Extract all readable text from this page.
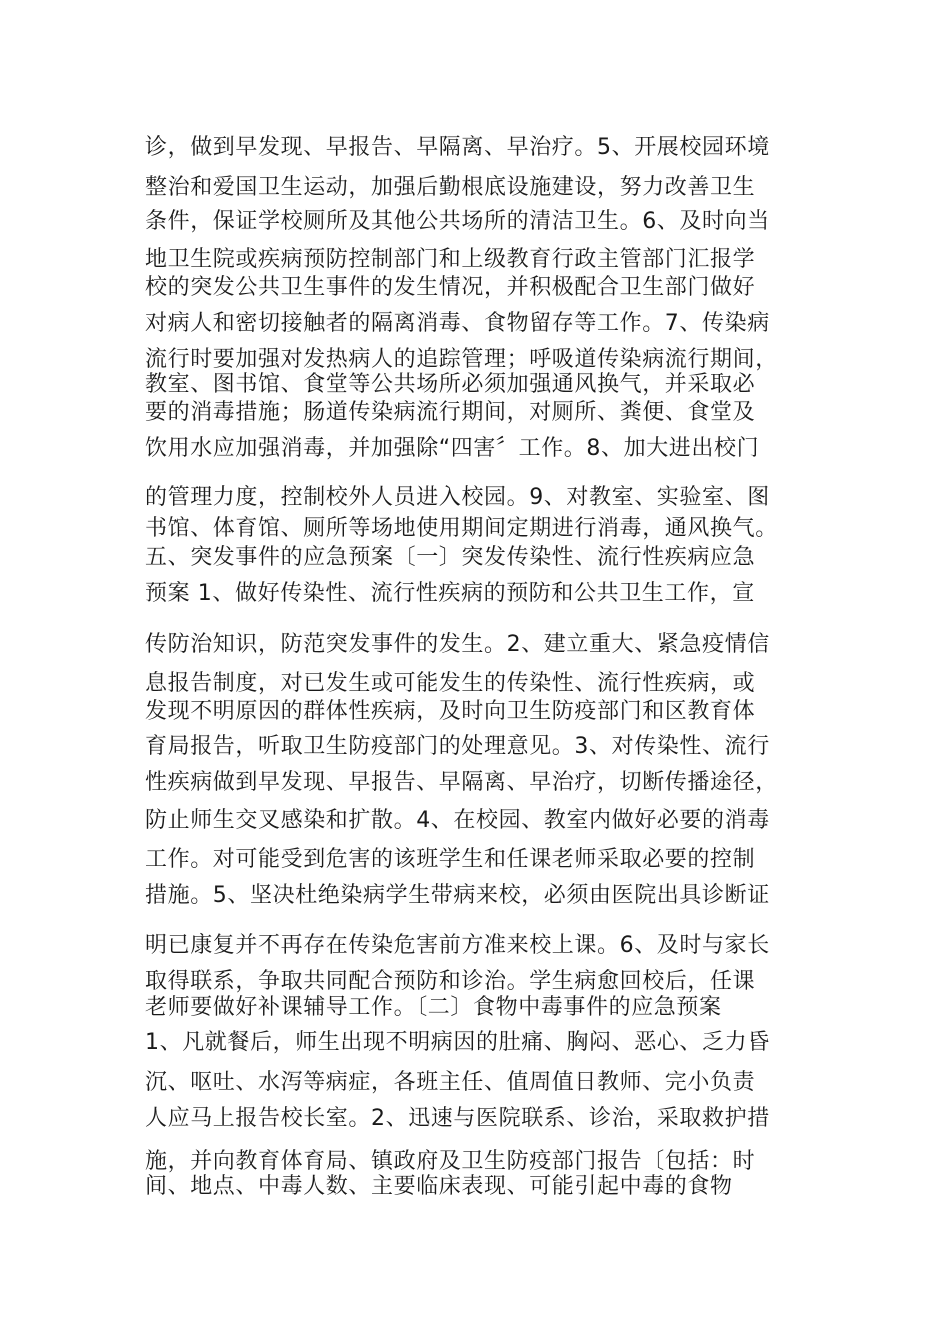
诊，做到早发现、早报告、早隔离、早治疗。5、开展校园环境
整治和爱国卫生运动，加强后勤根底设施建设，努力改善卫生
条件，保证学校厕所及其他公共场所的清洁卫生。6、及时向当
地卫生院或疾病预防控制部门和上级教育行政主管部门汇报学
校的突发公共卫生事件的发生情况，并积极配合卫生部门做好
对病人和密切接触者的隔离消毒、食物留存等工作。7、传染病
流行时要加强对发热病人的追踪管理；呼吸道传染病流行期间，
教室、图书馆、食堂等公共场所必须加强通风换气，并采取必
要的消毒措施；肠道传染病流行期间，对厕所、粪便、食堂及
饮用水应加强消毒，并加强除“四害〞工作。8、加大进出校门
的管理力度，控制校外人员进入校园。9、对教室、实验室、图
书馆、体育馆、厕所等场地使用期间定期进行消毒，通风换气。
五、突发事件的应急预案〔一〕突发传染性、流行性疾病应急
预案 1、做好传染性、流行性疾病的预防和公共卫生工作，宣
传防治知识，防范突发事件的发生。2、建立重大、紧急疫情信
息报告制度，对已发生或可能发生的传染性、流行性疾病，或
发现不明原因的群体性疾病，及时向卫生防疫部门和区教育体
育局报告，听取卫生防疫部门的处理意见。3、对传染性、流行
性疾病做到早发现、早报告、早隔离、早治疗，切断传播途径，
防止师生交叉感染和扩散。4、在校园、教室内做好必要的消毒
工作。对可能受到危害的该班学生和任课老师采取必要的控制
措施。5、坚决杜绝染病学生带病来校，必须由医院出具诊断证
明已康复并不再存在传染危害前方准来校上课。6、及时与家长
取得联系，争取共同配合预防和诊治。学生病愈回校后，任课
老师要做好补课辅导工作。〔二〕食物中毒事件的应急预案
1、凡就餐后，师生出现不明病因的肚痛、胸闷、恶心、乏力昏
沉、呕吐、水泻等病症，各班主任、值周值日教师、完小负责
人应马上报告校长室。2、迅速与医院联系、诊治，采取救护措
施，并向教育体育局、镇政府及卫生防疫部门报告〔包括：时
间、地点、中毒人数、主要临床表现、可能引起中毒的食物
